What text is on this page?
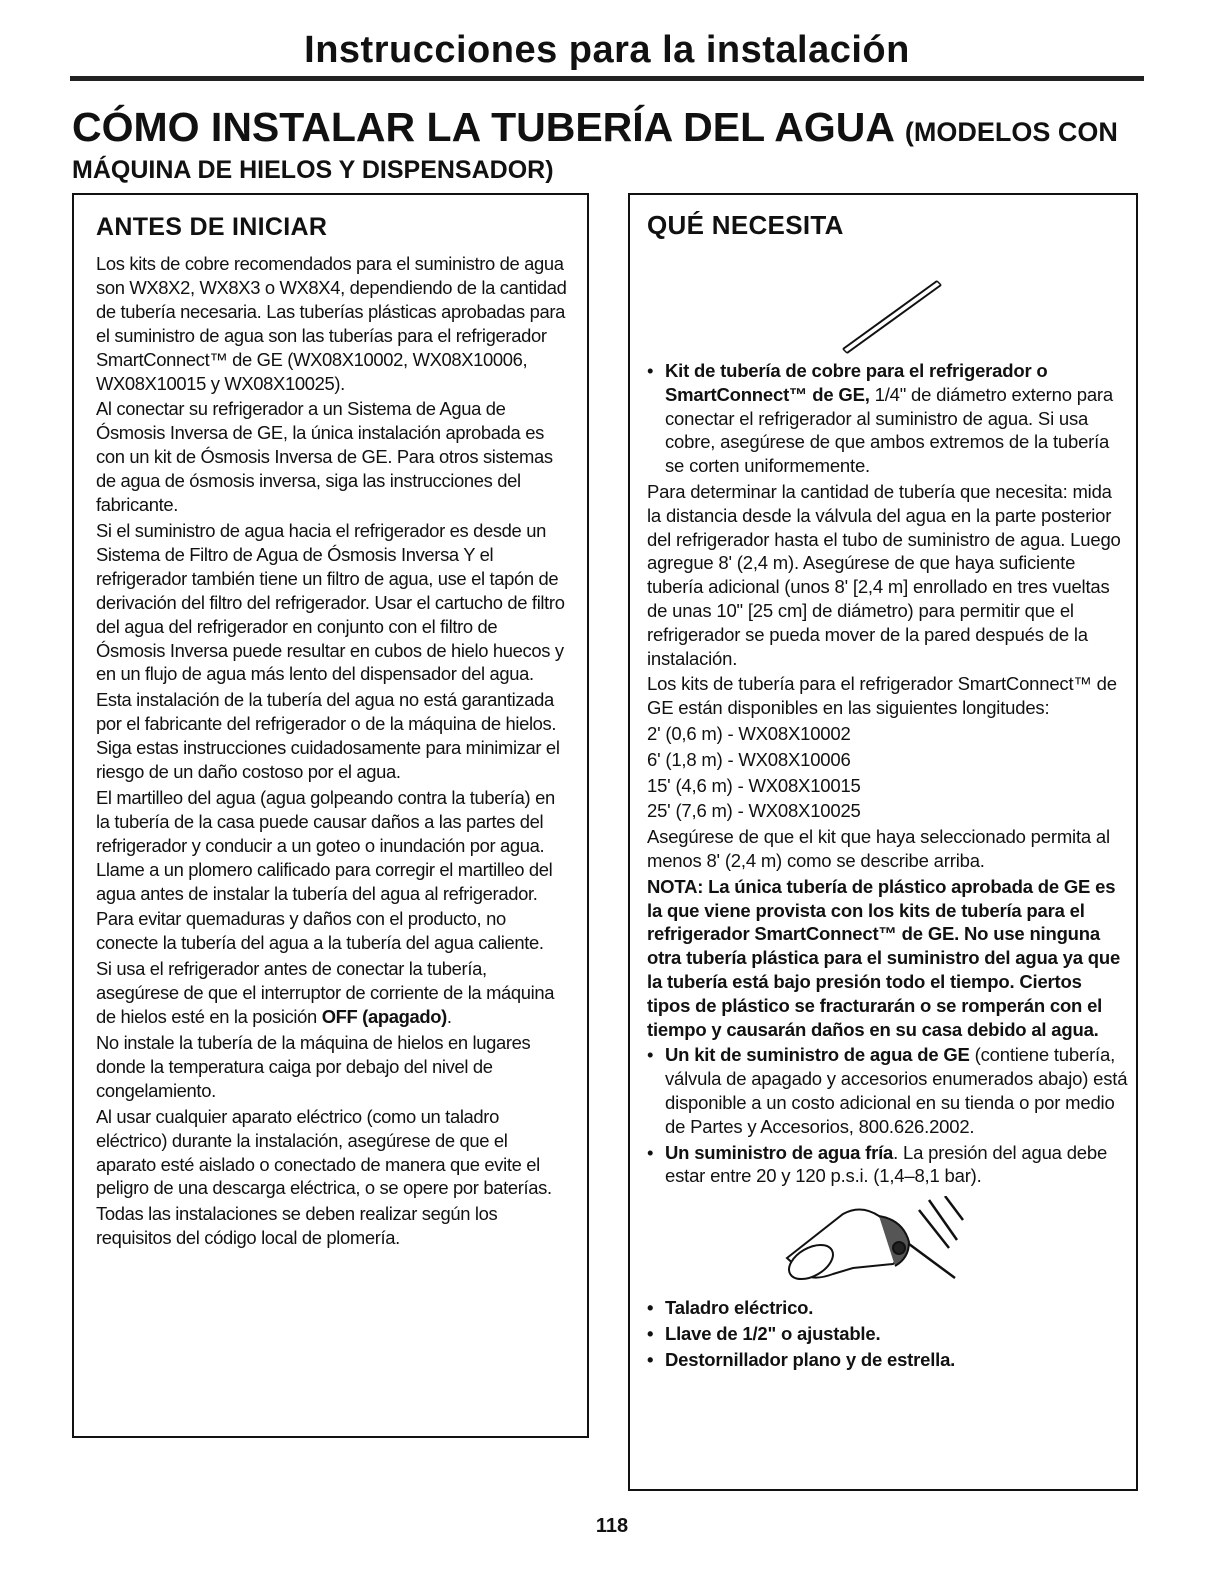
Instrucciones para la instalación
CÓMO INSTALAR LA TUBERÍA DEL AGUA (MODELOS CON
MÁQUINA DE HIELOS Y DISPENSADOR)
ANTES DE INICIAR

Los kits de cobre recomendados para el suministro de agua son WX8X2, WX8X3 o WX8X4, dependiendo de la cantidad de tubería necesaria. Las tuberías plásticas aprobadas para el suministro de agua son las tuberías para el refrigerador SmartConnect™ de GE (WX08X10002, WX08X10006, WX08X10015 y WX08X10025).

Al conectar su refrigerador a un Sistema de Agua de Ósmosis Inversa de GE, la única instalación aprobada es con un kit de Ósmosis Inversa de GE. Para otros sistemas de agua de ósmosis inversa, siga las instrucciones del fabricante.

Si el suministro de agua hacia el refrigerador es desde un Sistema de Filtro de Agua de Ósmosis Inversa Y el refrigerador también tiene un filtro de agua, use el tapón de derivación del filtro del refrigerador. Usar el cartucho de filtro del agua del refrigerador en conjunto con el filtro de Ósmosis Inversa puede resultar en cubos de hielo huecos y en un flujo de agua más lento del dispensador del agua.

Esta instalación de la tubería del agua no está garantizada por el fabricante del refrigerador o de la máquina de hielos. Siga estas instrucciones cuidadosamente para minimizar el riesgo de un daño costoso por el agua.

El martilleo del agua (agua golpeando contra la tubería) en la tubería de la casa puede causar daños a las partes del refrigerador y conducir a un goteo o inundación por agua. Llame a un plomero calificado para corregir el martilleo del agua antes de instalar la tubería del agua al refrigerador.

Para evitar quemaduras y daños con el producto, no conecte la tubería del agua a la tubería del agua caliente.

Si usa el refrigerador antes de conectar la tubería, asegúrese de que el interruptor de corriente de la máquina de hielos esté en la posición OFF (apagado).

No instale la tubería de la máquina de hielos en lugares donde la temperatura caiga por debajo del nivel de congelamiento.

Al usar cualquier aparato eléctrico (como un taladro eléctrico) durante la instalación, asegúrese de que el aparato esté aislado o conectado de manera que evite el peligro de una descarga eléctrica, o se opere por baterías.

Todas las instalaciones se deben realizar según los requisitos del código local de plomería.

QUÉ NECESITA

• Kit de tubería de cobre para el refrigerador o SmartConnect™ de GE, 1/4" de diámetro externo para conectar el refrigerador al suministro de agua. Si usa cobre, asegúrese de que ambos extremos de la tubería se corten uniformemente.

Para determinar la cantidad de tubería que necesita: mida la distancia desde la válvula del agua en la parte posterior del refrigerador hasta el tubo de suministro de agua. Luego agregue 8' (2,4 m). Asegúrese de que haya suficiente tubería adicional (unos 8' [2,4 m] enrollado en tres vueltas de unas 10" [25 cm] de diámetro) para permitir que el refrigerador se pueda mover de la pared después de la instalación.

Los kits de tubería para el refrigerador SmartConnect™ de GE están disponibles en las siguientes longitudes:

2' (0,6 m) - WX08X10002

6' (1,8 m) - WX08X10006

15' (4,6 m) - WX08X10015

25' (7,6 m) - WX08X10025

Asegúrese de que el kit que haya seleccionado permita al menos 8' (2,4 m) como se describe arriba.

NOTA: La única tubería de plástico aprobada de GE es la que viene provista con los kits de tubería para el refrigerador SmartConnect™ de GE. No use ninguna otra tubería plástica para el suministro del agua ya que la tubería está bajo presión todo el tiempo. Ciertos tipos de plástico se fracturarán o se romperán con el tiempo y causarán daños en su casa debido al agua.

• Un kit de suministro de agua de GE (contiene tubería, válvula de apagado y accesorios enumerados abajo) está disponible a un costo adicional en su tienda o por medio de Partes y Accesorios, 800.626.2002.

• Un suministro de agua fría. La presión del agua debe estar entre 20 y 120 p.s.i. (1,4–8,1 bar).

• Taladro eléctrico.

• Llave de 1/2" o ajustable.

• Destornillador plano y de estrella.

118
